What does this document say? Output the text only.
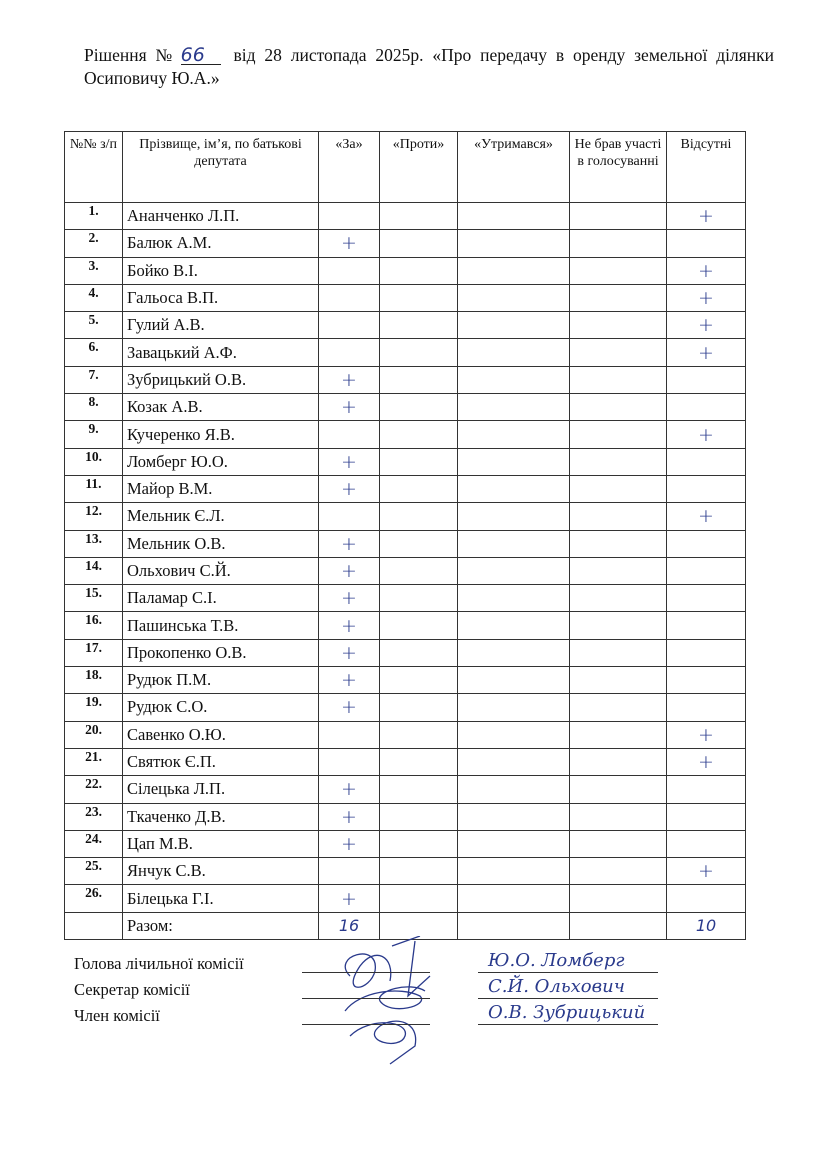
Рішення № 66 від 28 листопада 2025р. «Про передачу в оренду земельної ділянки Осиповичу Ю.А.»
№№ з/п	Прізвище, ім’я, по батькові депутата	«За»	«Проти»	«Утримався»	Не брав участі в голосуванні	Відсутні
1.	Ананченко Л.П.					+
2.	Балюк А.М.	+				
3.	Бойко В.І.					+
4.	Гальоса В.П.					+
5.	Гулий А.В.					+
6.	Завацький А.Ф.					+
7.	Зубрицький О.В.	+				
8.	Козак А.В.	+				
9.	Кучеренко Я.В.					+
10.	Ломберг Ю.О.	+				
11.	Майор В.М.	+				
12.	Мельник Є.Л.					+
13.	Мельник О.В.	+				
14.	Ольхович С.Й.	+				
15.	Паламар С.І.	+				
16.	Пашинська Т.В.	+				
17.	Прокопенко О.В.	+				
18.	Рудюк П.М.	+				
19.	Рудюк С.О.	+				
20.	Савенко О.Ю.					+
21.	Святюк Є.П.					+
22.	Сілецька Л.П.	+				
23.	Ткаченко Д.В.	+				
24.	Цап М.В.	+				
25.	Янчук С.В.					+
26.	Білецька Г.І.	+				
	Разом:	16				10
Голова лічильної комісії	Ю.О. Ломберг
Секретар комісії	С.Й. Ольхович
Член комісії	О.В. Зубрицький
